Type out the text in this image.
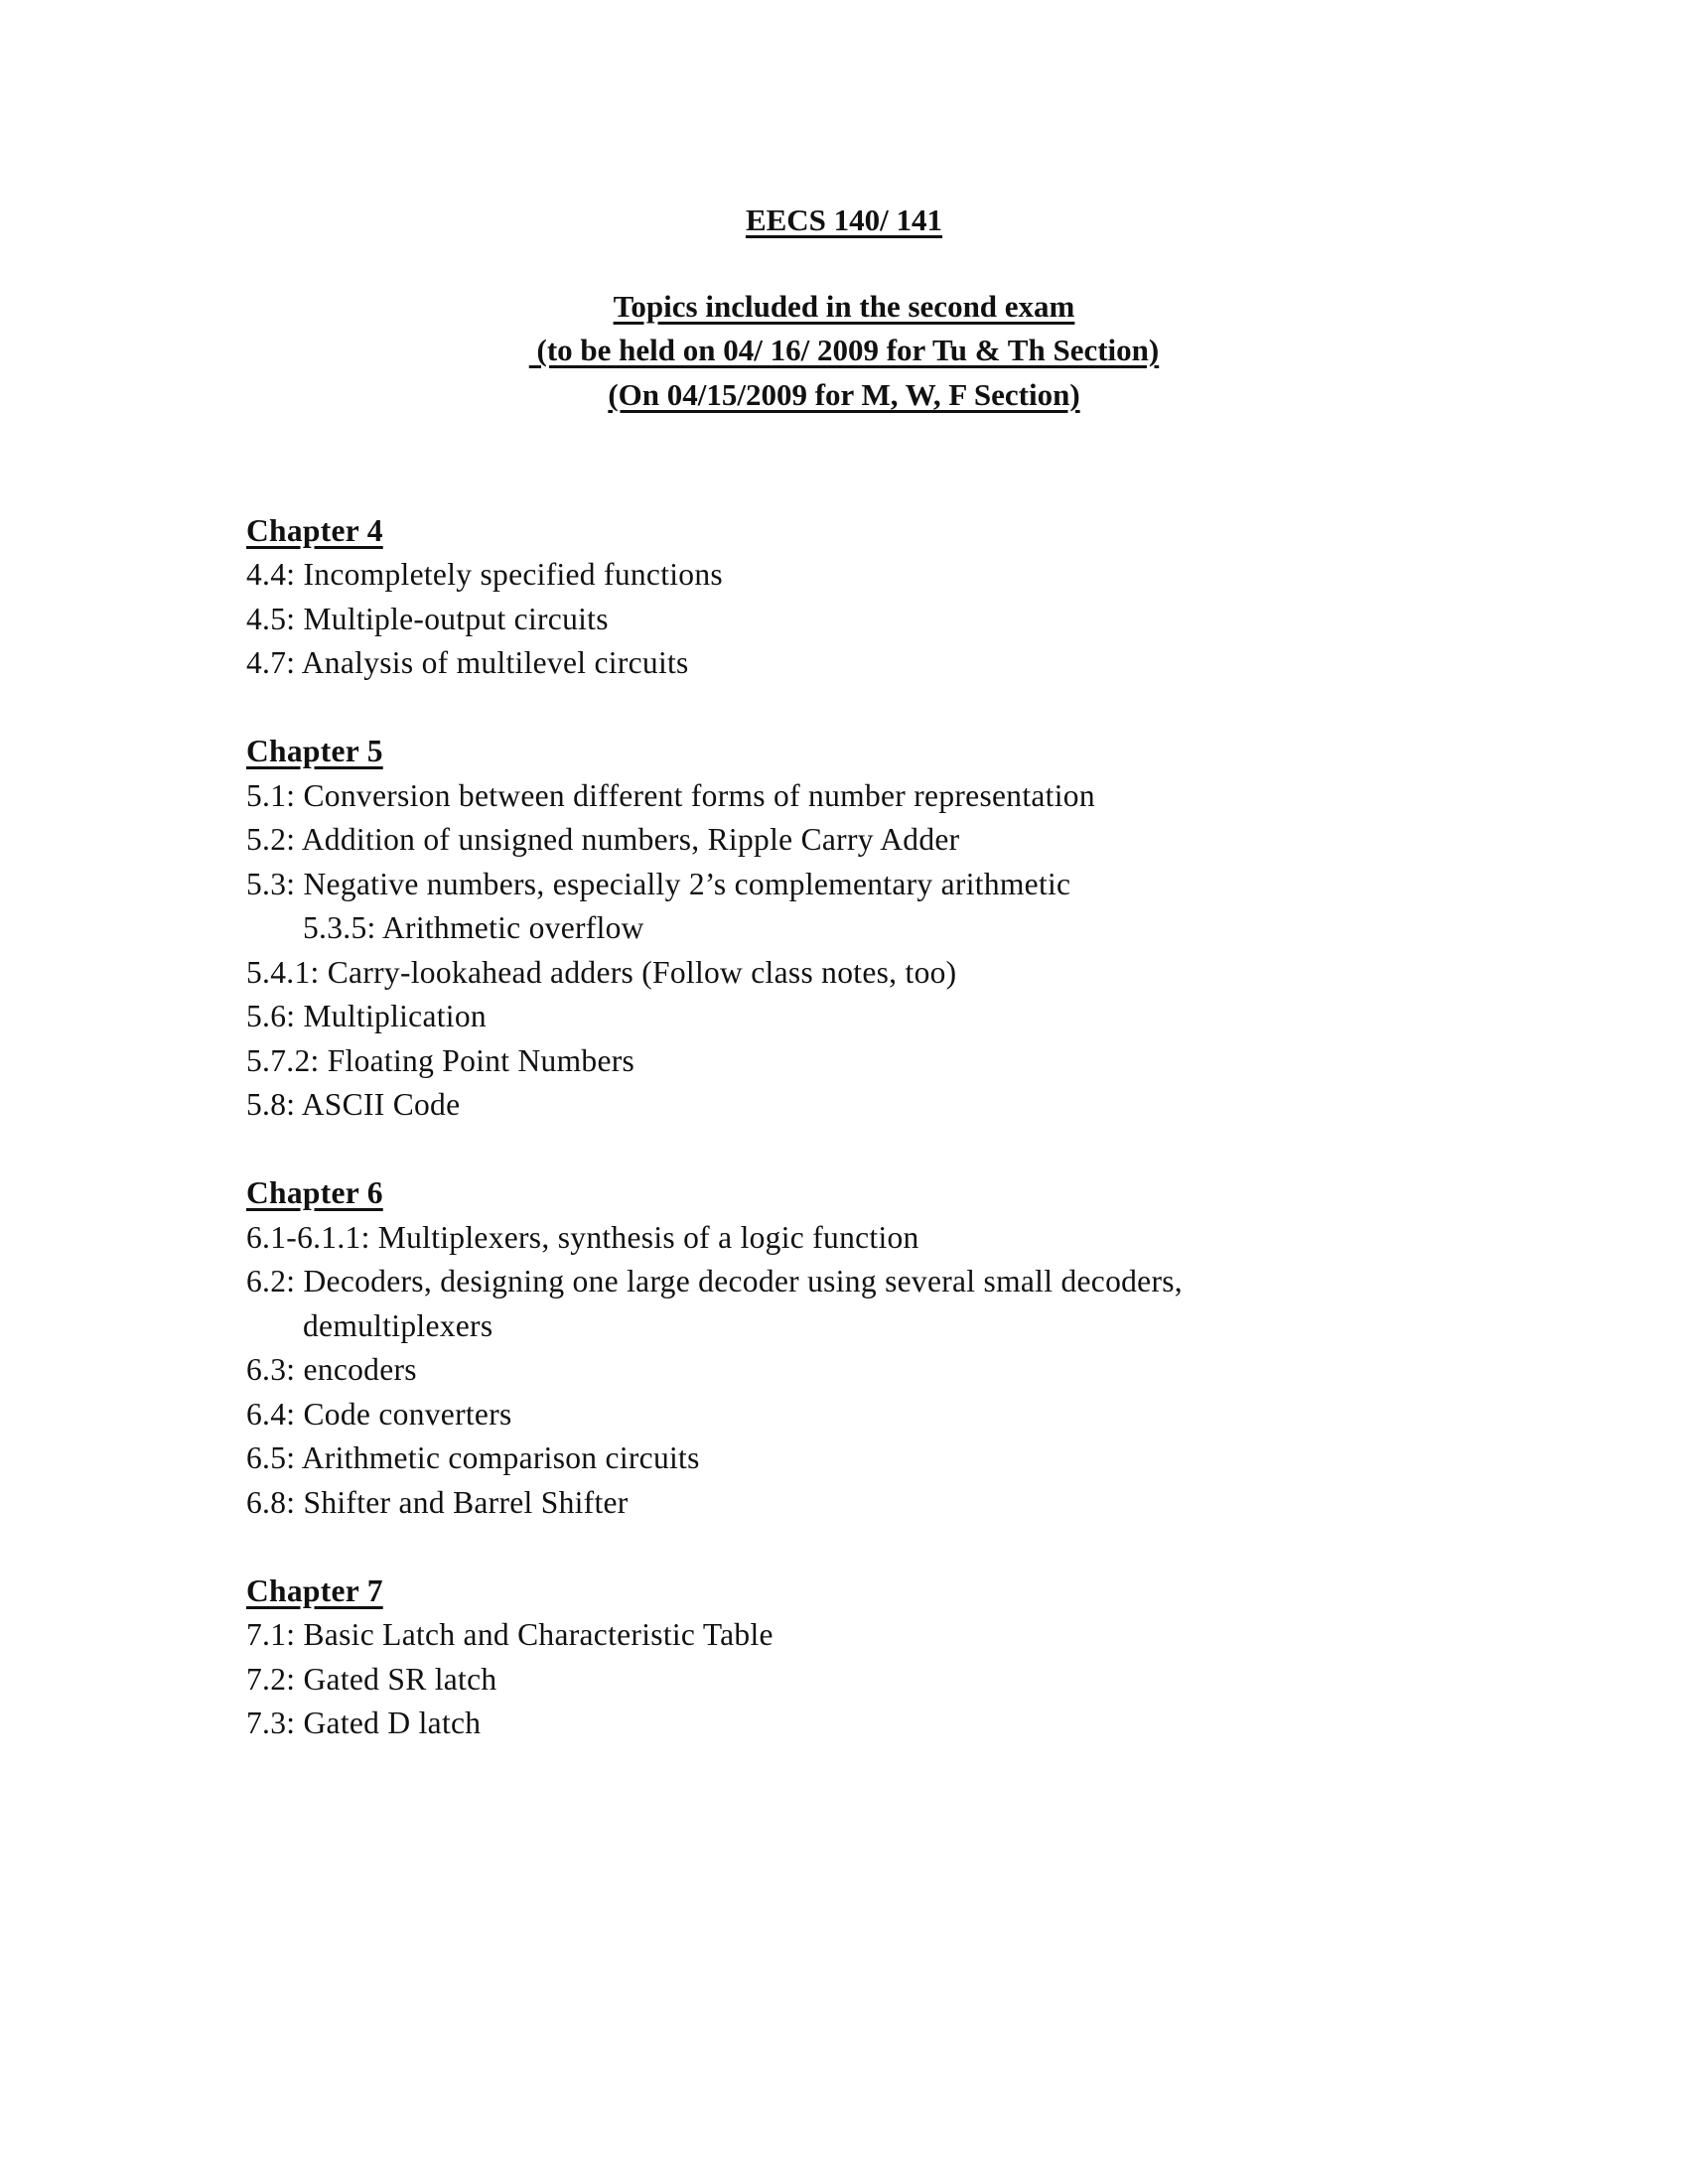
EECS 140/ 141
Topics included in the second exam
(to be held on 04/ 16/ 2009 for Tu & Th Section)
(On 04/15/2009 for M, W, F Section)
Chapter 4
4.4: Incompletely specified functions
4.5: Multiple-output circuits
4.7: Analysis of multilevel circuits
Chapter 5
5.1: Conversion between different forms of number representation
5.2: Addition of unsigned numbers, Ripple Carry Adder
5.3: Negative numbers, especially 2’s complementary arithmetic
5.3.5: Arithmetic overflow
5.4.1: Carry-lookahead adders (Follow class notes, too)
5.6: Multiplication
5.7.2: Floating Point Numbers
5.8: ASCII Code
Chapter 6
6.1-6.1.1: Multiplexers, synthesis of a logic function
6.2: Decoders, designing one large decoder using several small decoders,
demultiplexers
6.3: encoders
6.4: Code converters
6.5: Arithmetic comparison circuits
6.8: Shifter and Barrel Shifter
Chapter 7
7.1: Basic Latch and Characteristic Table
7.2: Gated SR latch
7.3: Gated D latch
